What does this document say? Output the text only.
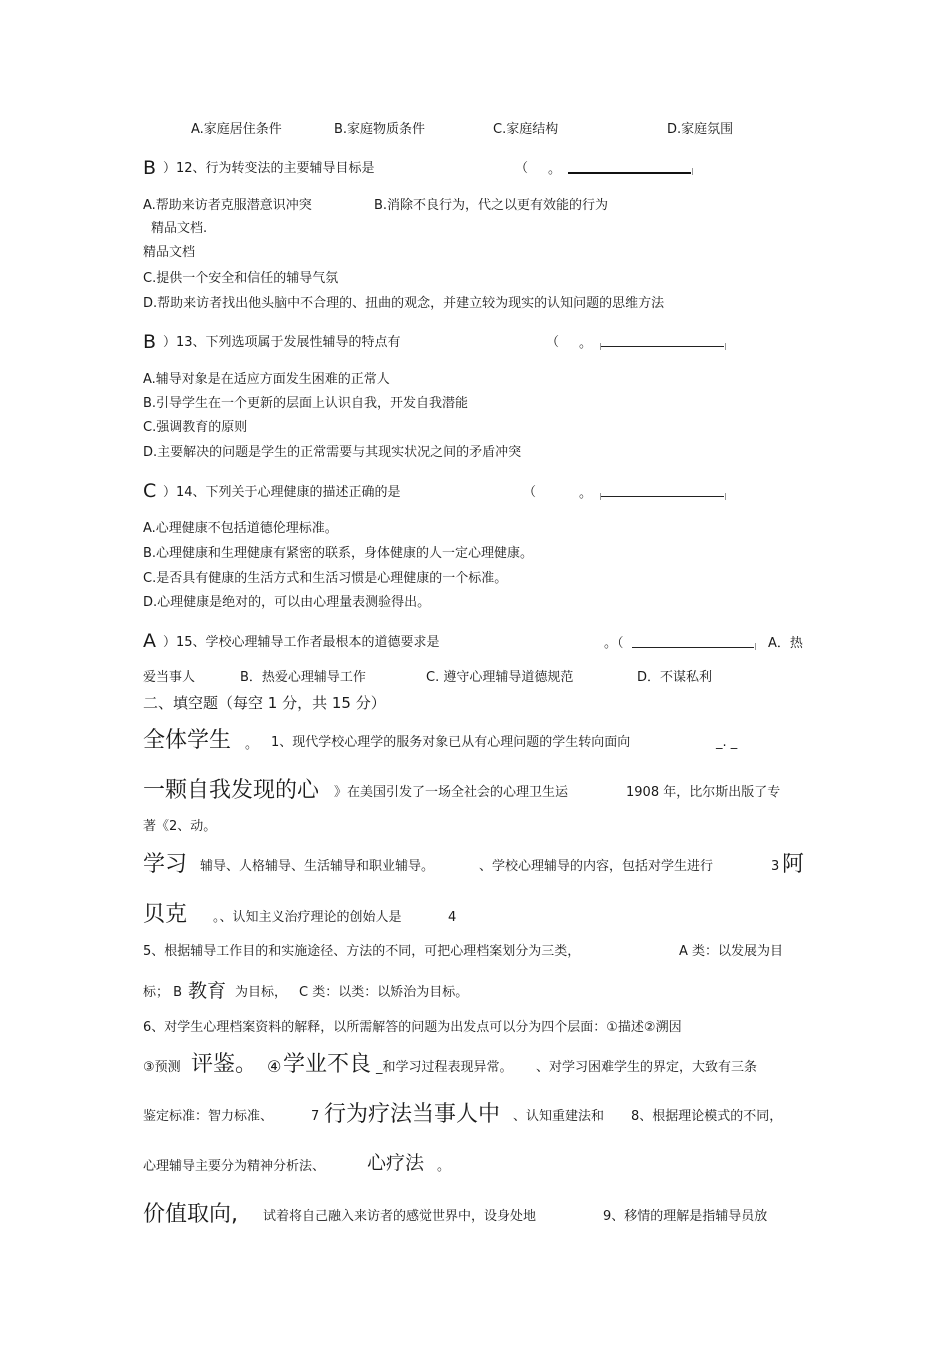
A.家庭居住条件	B.家庭物质条件	C.家庭结构	D.家庭氛围
B ）12、行为转变法的主要辅导目标是	（ 。
A.帮助来访者克服潜意识冲突	B.消除不良行为，代之以更有效能的行为
精品文档.
精品文档
C.提供一个安全和信任的辅导气氛
D.帮助来访者找出他头脑中不合理的、扭曲的观念，并建立较为现实的认知问题的思维方法
B ）13、下列选项属于发展性辅导的特点有	（ 。
A.辅导对象是在适应方面发生困难的正常人
B.引导学生在一个更新的层面上认识自我，开发自我潜能
C.强调教育的原则
D.主要解决的问题是学生的正常需要与其现实状况之间的矛盾冲突
C ）14、下列关于心理健康的描述正确的是	（	。
A.心理健康不包括道德伦理标准。
B.心理健康和生理健康有紧密的联系，身体健康的人一定心理健康。
C.是否具有健康的生活方式和生活习惯是心理健康的一个标准。
D.心理健康是绝对的，可以由心理量表测验得出。
A ）15、学校心理辅导工作者最根本的道德要求是	。（	A．热
爱当事人	B．热爱心理辅导工作	C. 遵守心理辅导道德规范	D．不谋私利
二、填空题（每空 1 分，共 15 分）
全体学生 。 1、现代学校心理学的服务对象已从有心理问题的学生转向面向	_. _
一颗自我发现的心 》在美国引发了一场全社会的心理卫生运	1908 年，比尔斯出版了专
著《2、动。
学习 辅导、人格辅导、生活辅导和职业辅导。	、学校心理辅导的内容，包括对学生进行	3 阿
贝克 。、认知主义治疗理论的创始人是	4
5、根据辅导工作目的和实施途径、方法的不同，可把心理档案划分为三类，	A 类：以发展为目
标； B 教育 为目标， C 类：以类：以矫治为目标。
6、对学生心理档案资料的解释，以所需解答的问题为出发点可以分为四个层面：①描述②溯因
③预测 评鉴。 ④ 学业不良 _和学习过程表现异常。 、对学习困难学生的界定，大致有三条
鉴定标准：智力标准、	7 行为疗法当事人中 、认知重建法和 8、根据理论模式的不同，
心理辅导主要分为精神分析法、 心疗法 。
价值取向, 试着将自己融入来访者的感觉世界中，设身处地	9、移情的理解是指辅导员放
